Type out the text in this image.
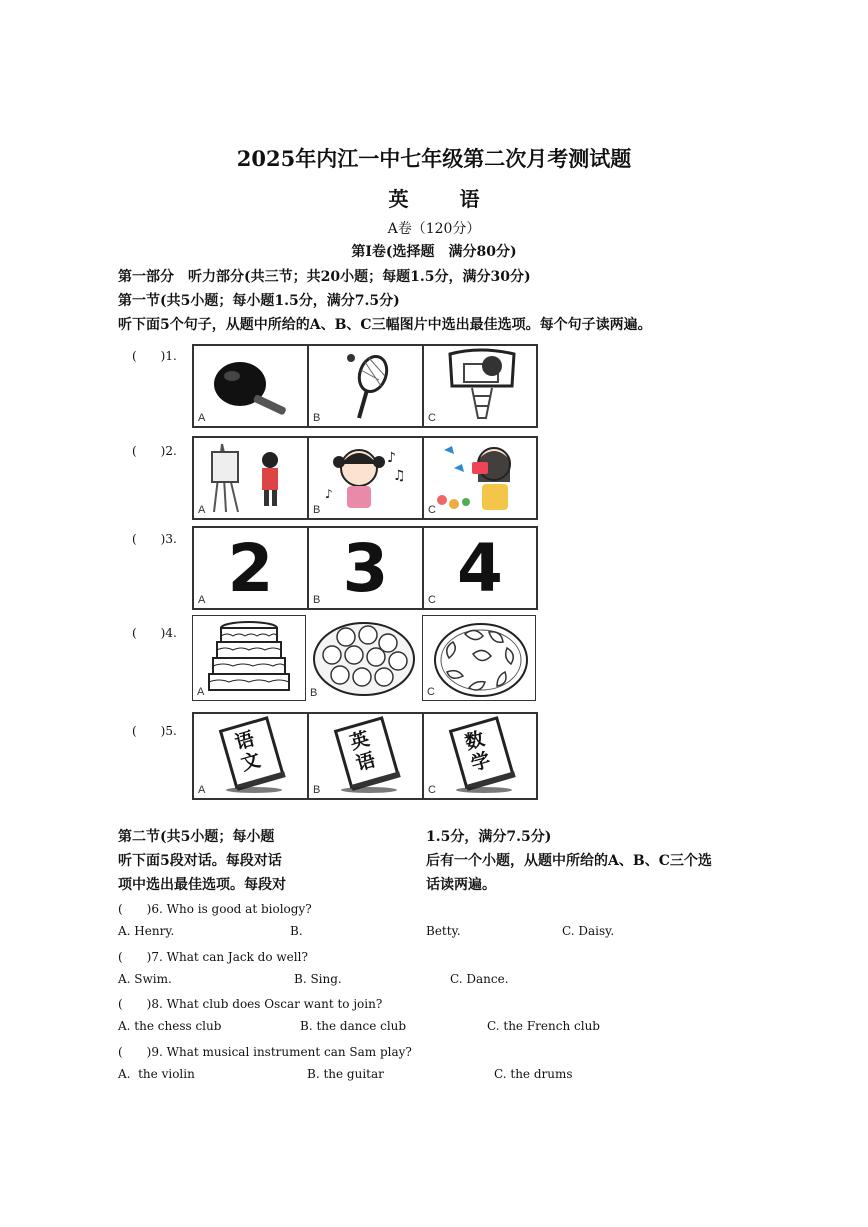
2025年内江一中七年级第二次月考测试题
英 语
A卷（120分）
第Ⅰ卷(选择题　满分80分)
第一部分　听力部分(共三节；共20小题；每题1.5分，满分30分)
第一节(共5小题；每小题1.5分，满分7.5分)
听下面5个句子，从题中所给的A、B、C三幅图片中选出最佳选项。每个句子读两遍。
(　　)1.
A	B	C
(　　)2.
A
♪
♫
♪
B	C
(　　)3. 2
A	3
B	4
C
(　　)4.
A	B	C
(　　)5.	语文
A
英语
B
数学
C
第二节(共5小题；每小题	1.5分，满分7.5分)
听下面5段对话。每段对话	后有一个小题，从题中所给的A、B、C三个选
项中选出最佳选项。每段对	话读两遍。
(　　)6. Who is good at biology?
A. Henry.	B.	Betty.	C. Daisy.
(　　)7. What can Jack do well?
A. Swim.	B. Sing.	C. Dance.
(　　)8. What club does Oscar want to join?
A. the chess club	B. the dance club	C. the French club
(　　)9. What musical instrument can Sam play?
A.  the violin	B. the guitar	C. the drums
